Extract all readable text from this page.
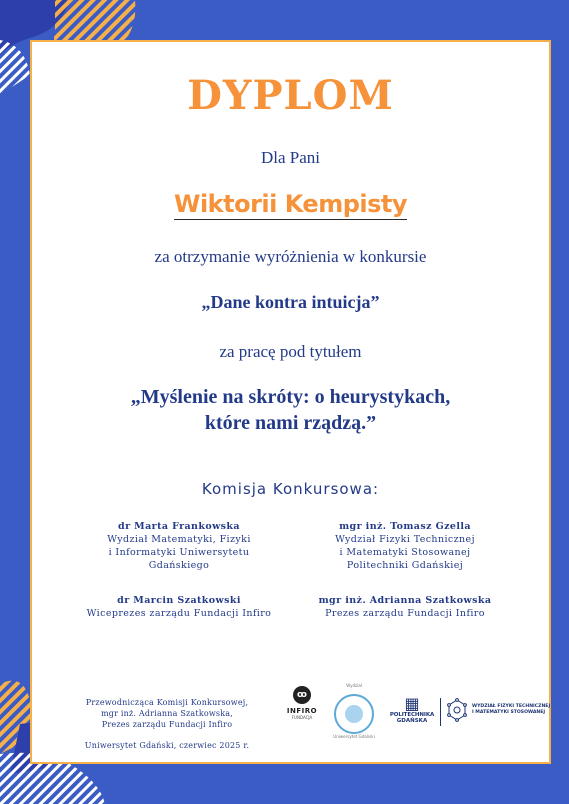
DYPLOM
Dla Pani
Wiktorii Kempisty
za otrzymanie wyróżnienia w konkursie
„Dane kontra intuicja”
za pracę pod tytułem
„Myślenie na skróty: o heurystykach,
które nami rządzą.”
Komisja Konkursowa:
dr Marta Frankowska
Wydział Matematyki, Fizyki
i Informatyki Uniwersytetu
Gdańskiego
mgr inż. Tomasz Gzella
Wydział Fizyki Technicznej
i Matematyki Stosowanej
Politechniki Gdańskiej
dr Marcin Szatkowski
Wiceprezes zarządu Fundacji Infiro
mgr inż. Adrianna Szatkowska
Prezes zarządu Fundacji Infiro
Przewodnicząca Komisji Konkursowej,
mgr inż. Adrianna Szatkowska,
Prezes zarządu Fundacji Infiro
Uniwersytet Gdański, czerwiec 2025 r.
ꝏ
INFIRO
FUNDACJA
Wydział
Uniwersytet Gdański
▦
POLITECHNIKA
GDAŃSKA
WYDZIAŁ FIZYKI TECHNICZNEJ
I MATEMATYKI STOSOWANEJ
